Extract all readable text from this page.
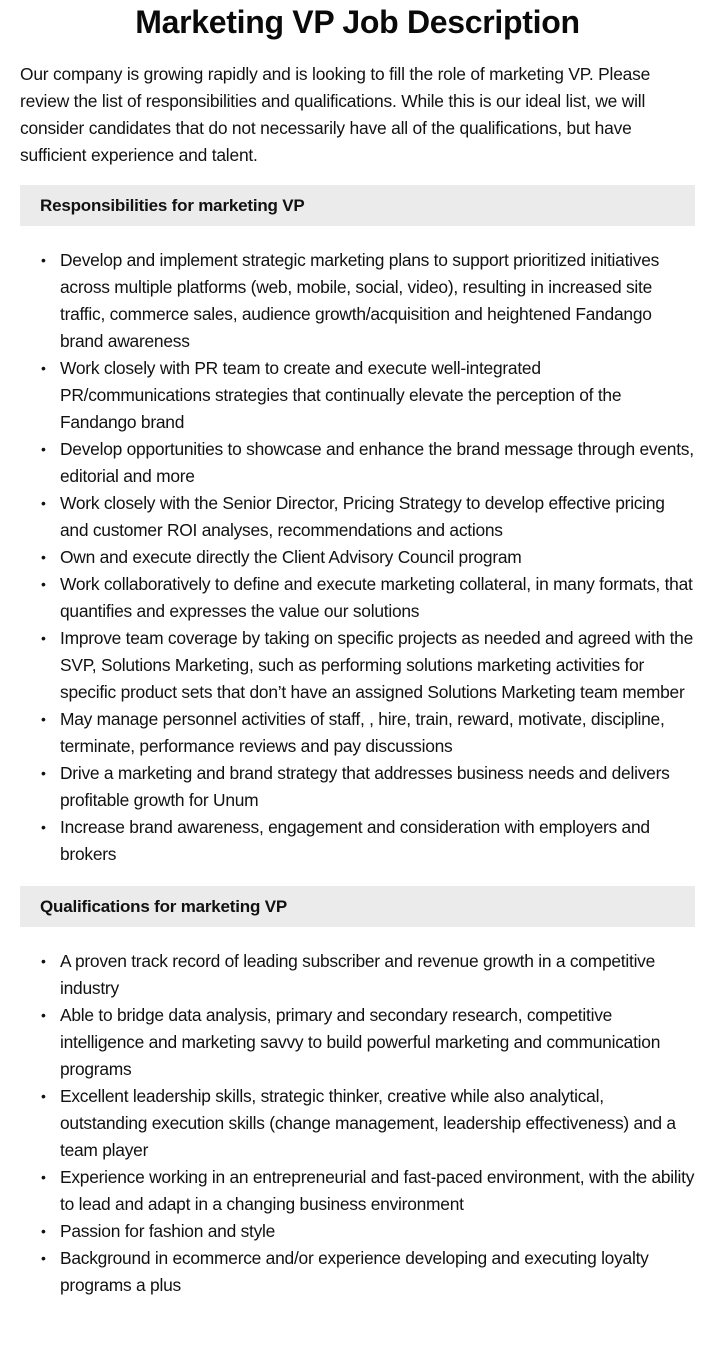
Marketing VP Job Description

Our company is growing rapidly and is looking to fill the role of marketing VP. Please review the list of responsibilities and qualifications. While this is our ideal list, we will consider candidates that do not necessarily have all of the qualifications, but have sufficient experience and talent.

Responsibilities for marketing VP
• Develop and implement strategic marketing plans to support prioritized initiatives across multiple platforms (web, mobile, social, video), resulting in increased site traffic, commerce sales, audience growth/acquisition and heightened Fandango brand awareness
• Work closely with PR team to create and execute well-integrated PR/communications strategies that continually elevate the perception of the Fandango brand
• Develop opportunities to showcase and enhance the brand message through events, editorial and more
• Work closely with the Senior Director, Pricing Strategy to develop effective pricing and customer ROI analyses, recommendations and actions
• Own and execute directly the Client Advisory Council program
• Work collaboratively to define and execute marketing collateral, in many formats, that quantifies and expresses the value our solutions
• Improve team coverage by taking on specific projects as needed and agreed with the SVP, Solutions Marketing, such as performing solutions marketing activities for specific product sets that don’t have an assigned Solutions Marketing team member
• May manage personnel activities of staff, , hire, train, reward, motivate, discipline, terminate, performance reviews and pay discussions
• Drive a marketing and brand strategy that addresses business needs and delivers profitable growth for Unum
• Increase brand awareness, engagement and consideration with employers and brokers
Qualifications for marketing VP
• A proven track record of leading subscriber and revenue growth in a competitive industry
• Able to bridge data analysis, primary and secondary research, competitive intelligence and marketing savvy to build powerful marketing and communication programs
• Excellent leadership skills, strategic thinker, creative while also analytical, outstanding execution skills (change management, leadership effectiveness) and a team player
• Experience working in an entrepreneurial and fast-paced environment, with the ability to lead and adapt in a changing business environment
• Passion for fashion and style
• Background in ecommerce and/or experience developing and executing loyalty programs a plus
